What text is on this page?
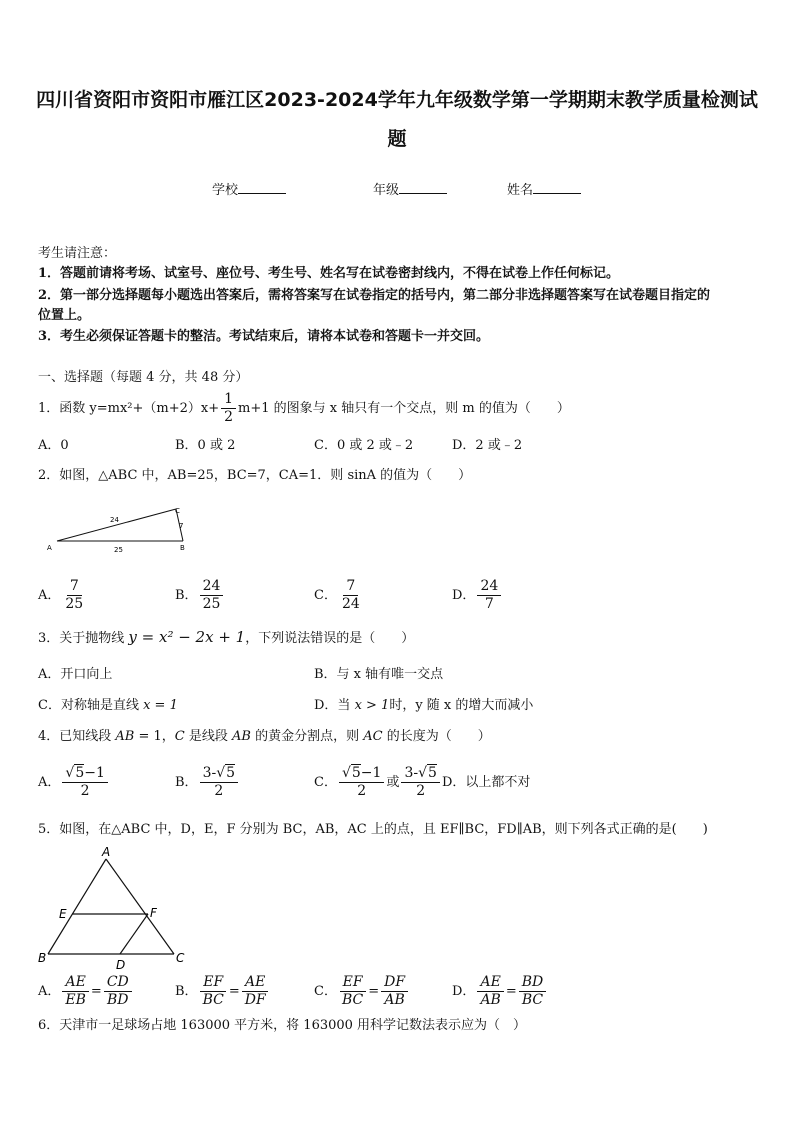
四川省资阳市资阳市雁江区2023-2024学年九年级数学第一学期期末教学质量检测试
题
学校	年级	姓名
考生请注意：
1．答题前请将考场、试室号、座位号、考生号、姓名写在试卷密封线内，不得在试卷上作任何标记。
2．第一部分选择题每小题选出答案后，需将答案写在试卷指定的括号内，第二部分非选择题答案写在试卷题目指定的
位置上。
3．考生必须保证答题卡的整洁。考试结束后，请将本试卷和答题卡一并交回。
一、选择题（每题 4 分，共 48 分）
1．函数 $y=mx^2+(m+2)x+ \frac{1}{2} m+1$ 的图象与 x 轴只有一个交点，则 m 的值为（　　）
A．0	B．0 或 2	C．0 或 2 或﹣2	D．2 或﹣2
2．如图，△ABC 中，AB=25，BC=7，CA=1．则 sinA 的值为（　　）
A	B
C
24
25
7
A． $\frac{7}{25}$	B． $\frac{24}{25}$	C． $\frac{7}{24}$	D． $\frac{24}{7}$
3．关于抛物线 y = x² − 2x + 1，下列说法错误的是（　　）
A．开口向上	B．与 x 轴有唯一交点
C．对称轴是直线 x = 1	D．当 x > 1时，y 随 x 的增大而减小
4．已知线段 AB = 1，C 是线段 AB 的黄金分割点，则 AC 的长度为（　　）
A． $\frac{√5-1}{2}$	B． $\frac{3-√5}{2}$	C． $\frac{√5-1}{2}$ 或 $\frac{3-√5}{2}$ D．以上都不对
5．如图，在△ABC 中，D，E，F 分别为 BC，AB，AC 上的点，且 EF∥BC，FD∥AB，则下列各式正确的是(　　)
A
B	C
D
E	F
A． $\frac{AE}{EB} = \frac{CD}{BD}$	B． $\frac{EF}{BC} = \frac{AE}{DF}$	C． $\frac{EF}{BC} = \frac{DF}{AB}$	D． $\frac{AE}{AB} = \frac{BD}{BC}$
6．天津市一足球场占地 163000 平方米，将 163000 用科学记数法表示应为（　）
